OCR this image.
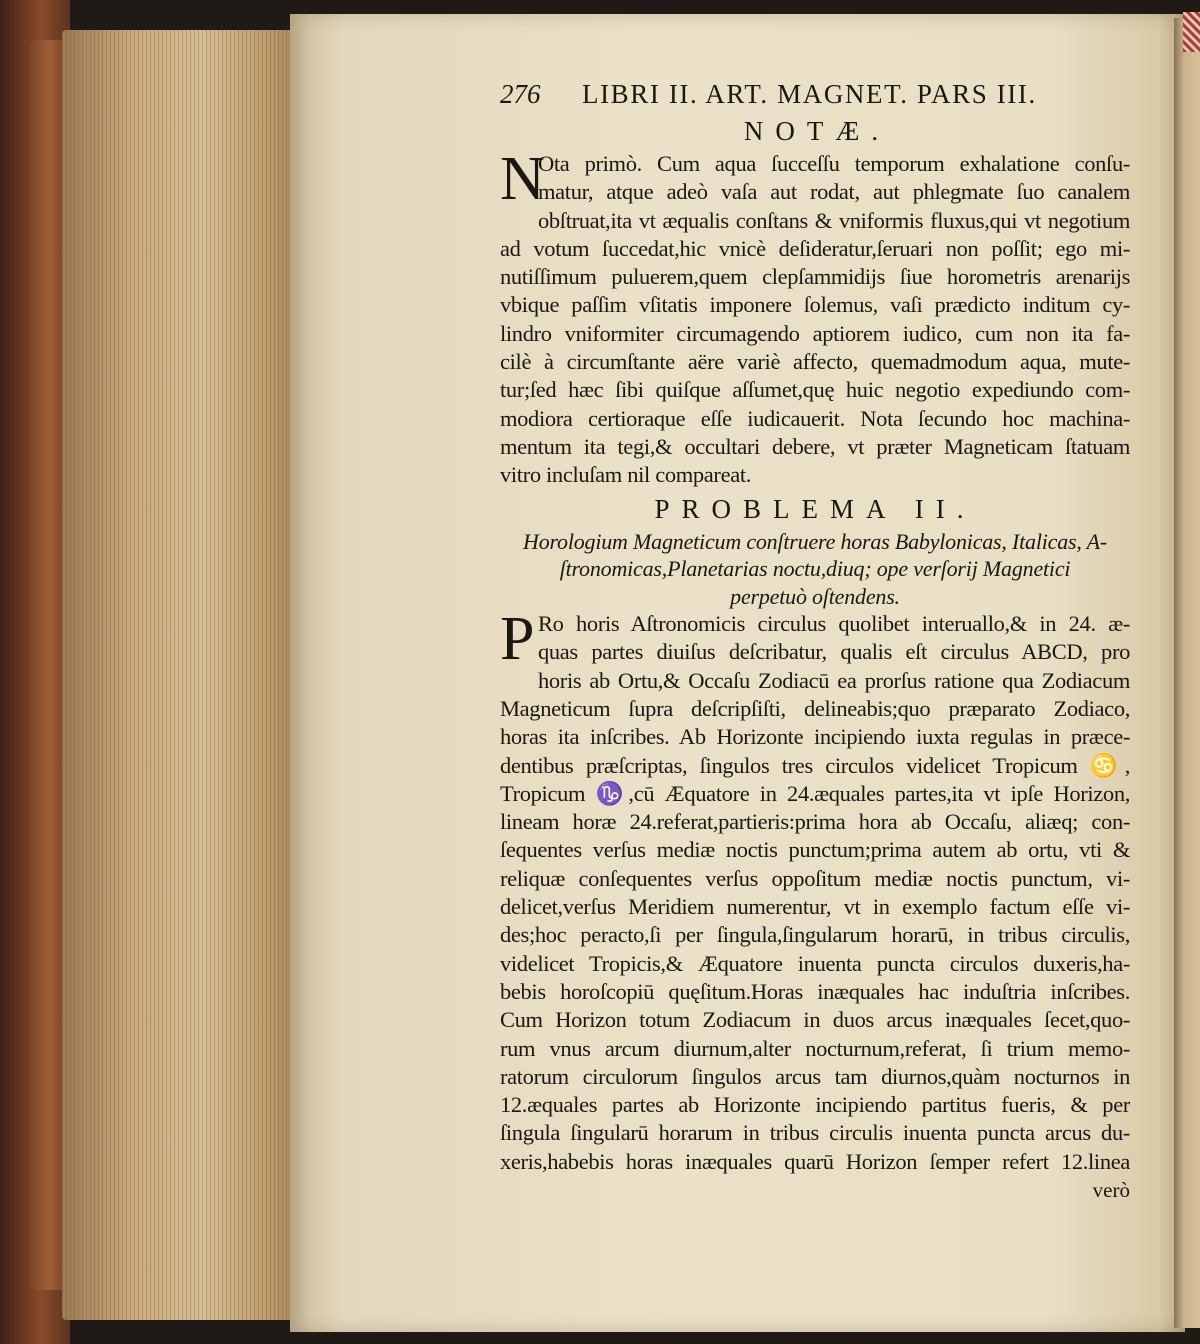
276 LIBRI II. ART. MAGNET. PARS III.
NOTÆ.
N
Ota primò. Cum aqua ſucceſſu temporum exhalatione conſu-
matur, atque adeò vaſa aut rodat, aut phlegmate ſuo canalem
obſtruat,ita vt æqualis conſtans & vniformis fluxus,qui vt negotium
ad votum ſuccedat,hic vnicè deſideratur,ſeruari non poſſit; ego mi-
nutiſſimum puluerem,quem clepſammidijs ſiue horometris arenarijs
vbique paſſim vſitatis imponere ſolemus, vaſi prædicto inditum cy-
lindro vniformiter circumagendo aptiorem iudico, cum non ita fa-
cilè à circumſtante aëre variè affecto, quemadmodum aqua, mute-
tur;ſed hæc ſibi quiſque aſſumet,quę huic negotio expediundo com-
modiora certioraque eſſe iudicauerit. Nota ſecundo hoc machina-
mentum ita tegi,& occultari debere, vt præter Magneticam ſtatuam
vitro incluſam nil compareat.
PROBLEMA II.
Horologium Magneticum conſtruere horas Babylonicas, Italicas, A-
ſtronomicas,Planetarias noctu,diuq; ope verſorij Magnetici
perpetuò oſtendens.
P Ro horis Aſtronomicis circulus quolibet interuallo,& in 24. æ-
quas partes diuiſus deſcribatur, qualis eſt circulus ABCD, pro
horis ab Ortu,& Occaſu Zodiacū ea prorſus ratione qua Zodiacum
Magneticum ſupra deſcripſiſti, delineabis;quo præparato Zodiaco,
horas ita inſcribes. Ab Horizonte incipiendo iuxta regulas in præce-
dentibus præſcriptas, ſingulos tres circulos videlicet Tropicum ♋,
Tropicum ♑,cū Æquatore in 24.æquales partes,ita vt ipſe Horizon,
lineam horæ 24.referat,partieris:prima hora ab Occaſu, aliæq; con-
ſequentes verſus mediæ noctis punctum;prima autem ab ortu, vti &
reliquæ conſequentes verſus oppoſitum mediæ noctis punctum, vi-
delicet,verſus Meridiem numerentur, vt in exemplo factum eſſe vi-
des;hoc peracto,ſi per ſingula,ſingularum horarū, in tribus circulis,
videlicet Tropicis,& Æquatore inuenta puncta circulos duxeris,ha-
bebis horoſcopiū quęſitum.Horas inæquales hac induſtria inſcribes.
Cum Horizon totum Zodiacum in duos arcus inæquales ſecet,quo-
rum vnus arcum diurnum,alter nocturnum,referat, ſi trium memo-
ratorum circulorum ſingulos arcus tam diurnos,quàm nocturnos in
12.æquales partes ab Horizonte incipiendo partitus fueris, & per
ſingula ſingularū horarum in tribus circulis inuenta puncta arcus du-
xeris,habebis horas inæquales quarū Horizon ſemper refert 12.linea
verò
